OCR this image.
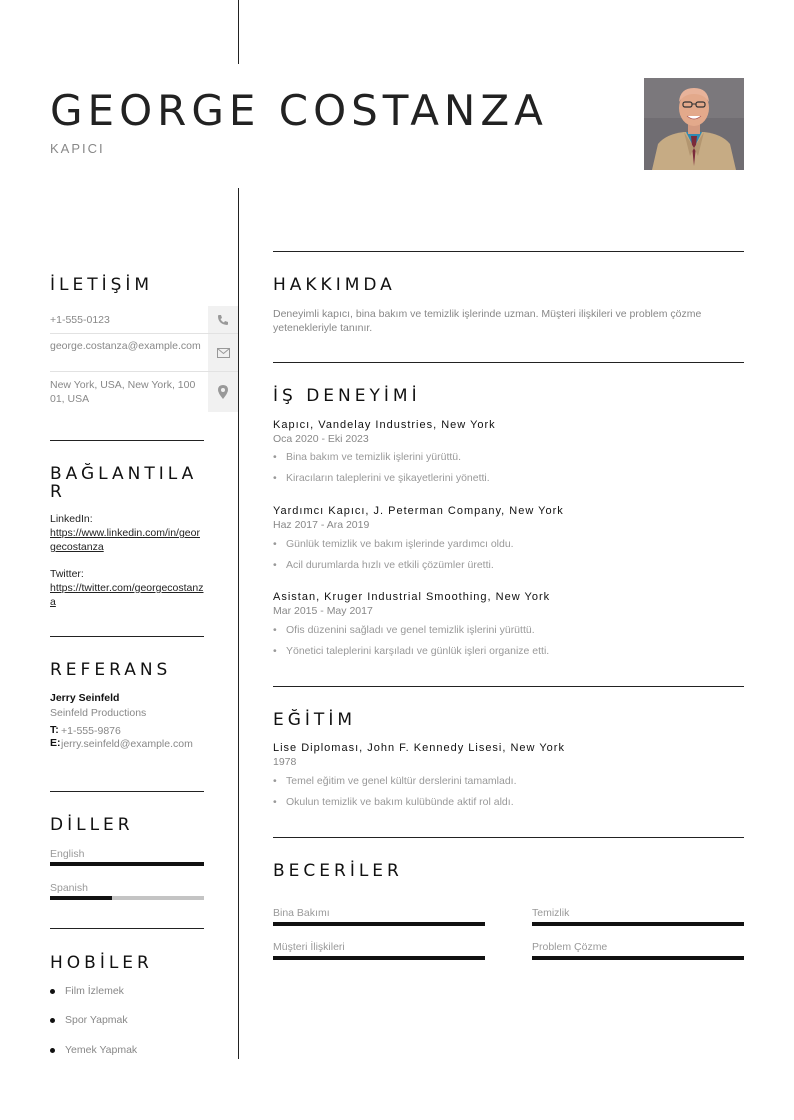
GEORGE COSTANZA
KAPICI
İLETİŞİM
+1-555-0123
george.costanza@example.com
New York, USA, New York, 10001, USA
BAĞLANTILA
R
LinkedIn:
https://www.linkedin.com/in/georgecostanza
Twitter:
https://twitter.com/georgecostanza
REFERANS
Jerry Seinfeld
Seinfeld Productions
T: +1-555-9876
E: jerry.seinfeld@example.com
DİLLER
English
Spanish
HOBİLER
Film İzlemek
Spor Yapmak
Yemek Yapmak
HAKKIMDA
Deneyimli kapıcı, bina bakım ve temizlik işlerinde uzman. Müşteri ilişkileri ve problem çözme yetenekleriyle tanınır.
İŞ DENEYİMİ
Kapıcı, Vandelay Industries, New York
Oca 2020 - Eki 2023
• Bina bakım ve temizlik işlerini yürüttü.
• Kiracıların taleplerini ve şikayetlerini yönetti.
Yardımcı Kapıcı, J. Peterman Company, New York
Haz 2017 - Ara 2019
• Günlük temizlik ve bakım işlerinde yardımcı oldu.
• Acil durumlarda hızlı ve etkili çözümler üretti.
Asistan, Kruger Industrial Smoothing, New York
Mar 2015 - May 2017
• Ofis düzenini sağladı ve genel temizlik işlerini yürüttü.
• Yönetici taleplerini karşıladı ve günlük işleri organize etti.
EĞİTİM
Lise Diploması, John F. Kennedy Lisesi, New York
1978
• Temel eğitim ve genel kültür derslerini tamamladı.
• Okulun temizlik ve bakım kulübünde aktif rol aldı.
BECERİLER
Bina Bakımı	Temizlik
Müşteri İlişkileri	Problem Çözme
